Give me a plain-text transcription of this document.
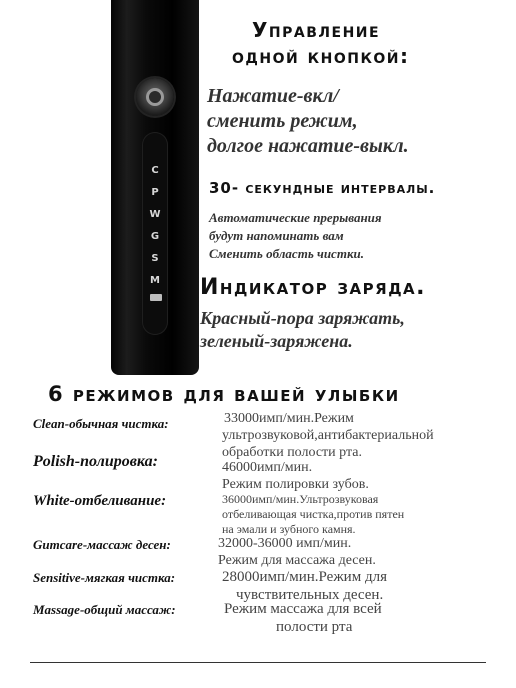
C
P
W
G
S
M
Управление
одной кнопкой:
Нажатие-вкл/
сменить режим,
долгое нажатие-выкл.
30- секундные интервалы.
Автоматические прерывания
будут напоминать вам
Сменить область чистки.
Индикатор заряда.
Красный-пора заряжать,
зеленый-заряжена.
6 режимов для вашей улыбки
Clean-обычная чистка:	33000имп/мин.Режим
ультрозвуковой,антибактериальной
обработки полости рта.
Polish-полировка:	46000имп/мин.
Режим полировки зубов.
White-отбеливание:	36000имп/мин.Ультрозвуковая
отбеливающая чистка,против пятен
на эмали и зубного камня.
Gumcare-массаж десен:	32000-36000 имп/мин.
Режим для массажа десен.
Sensitive-мягкая чистка:	28000имп/мин.Режим для
чувствительных десен.
Massage-общий массаж:	Режим массажа для всей
полости рта
